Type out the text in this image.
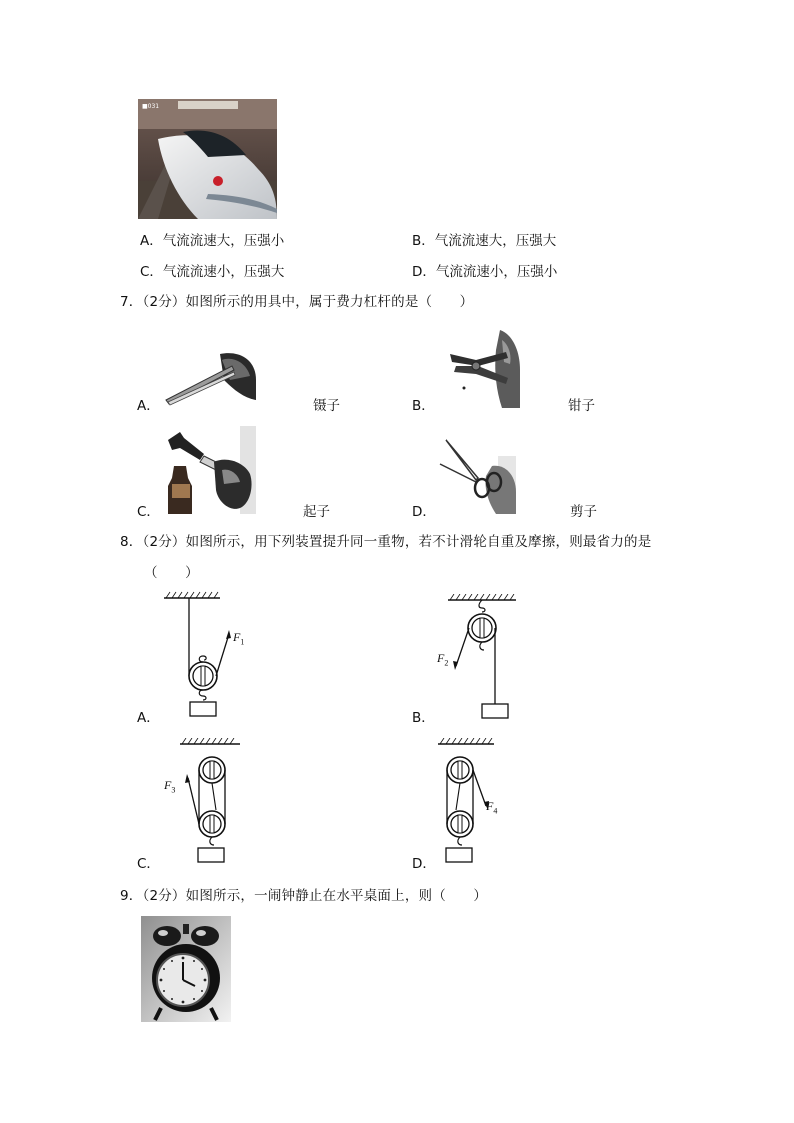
■031
A．气流流速大，压强小	B．气流流速大，压强大
C．气流流速小，压强大	D．气流流速小，压强小
7．（2分）如图所示的用具中，属于费力杠杆的是（　　）
A．	镊子	B．	钳子
C．	起子	D．	剪子
8．（2分）如图所示，用下列装置提升同一重物，若不计滑轮自重及摩擦，则最省力的是
（　　）
A．
$F_1$
B．
$F_2$
C．
$F_3$
D．
$F_4$
9．（2分）如图所示，一闹钟静止在水平桌面上，则（　　）
